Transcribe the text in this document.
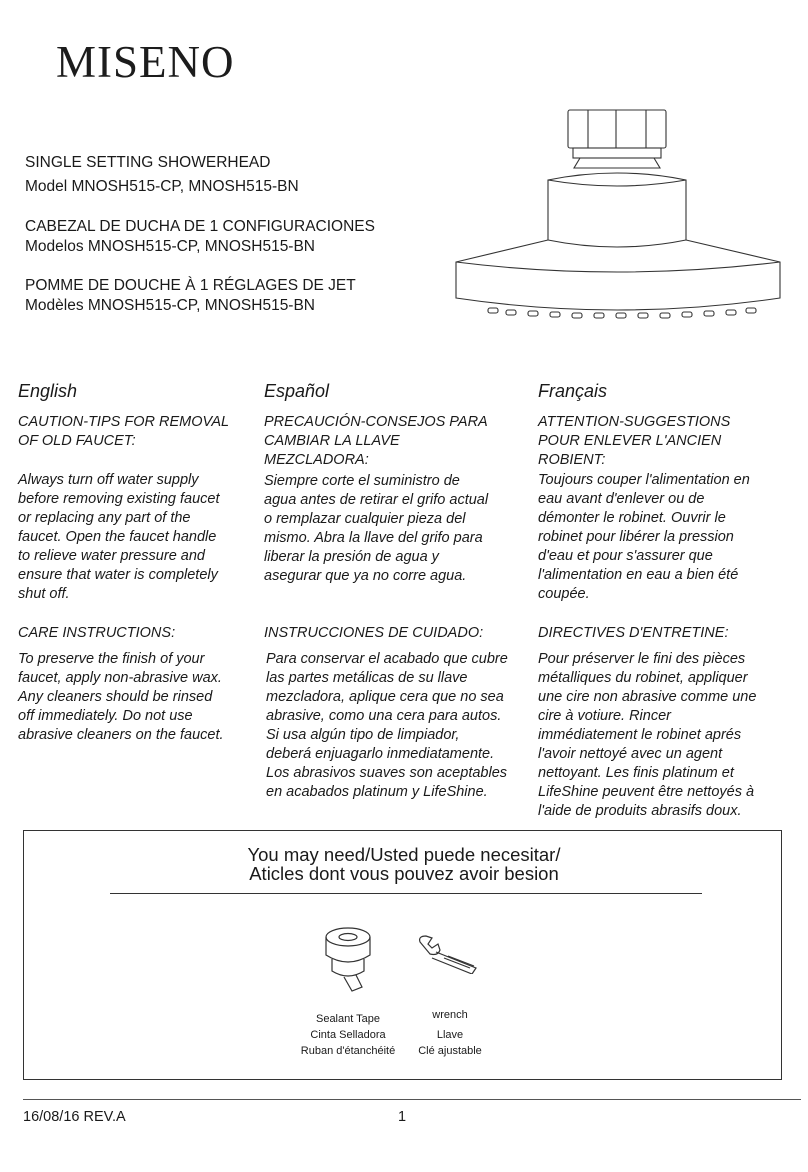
MISENO
SINGLE SETTING SHOWERHEAD
Model MNOSH515-CP, MNOSH515-BN
CABEZAL DE DUCHA DE 1 CONFIGURACIONES
Modelos MNOSH515-CP, MNOSH515-BN
POMME DE DOUCHE À 1 RÉGLAGES DE JET
Modèles MNOSH515-CP, MNOSH515-BN
English	Español	Français

CAUTION-TIPS FOR REMOVAL

OF OLD FAUCET:

Always turn off water supply

before removing existing faucet

or replacing any part of the

faucet. Open the faucet handle

to relieve water pressure and

ensure that water is completely

shut off.

CARE INSTRUCTIONS:

To preserve the finish of your

faucet, apply non-abrasive wax.

Any cleaners should be rinsed

off immediately. Do not use

abrasive cleaners on the faucet.

PRECAUCIÓN-CONSEJOS PARA

CAMBIAR LA LLAVE

MEZCLADORA:

Siempre corte el suministro de

agua antes de retirar el grifo actual

o remplazar cualquier pieza del

mismo. Abra la llave del grifo para

liberar la presión de agua y

asegurar que ya no corre agua.

INSTRUCCIONES DE CUIDADO:

Para conservar el acabado que cubre

las partes metálicas de su llave

mezcladora, aplique cera que no sea

abrasive, como una cera para autos.

Si usa algún tipo de limpiador,

deberá enjuagarlo inmediatamente.

Los abrasivos suaves son aceptables

en acabados platinum y LifeShine.

ATTENTION-SUGGESTIONS

POUR ENLEVER L'ANCIEN

ROBIENT:

Toujours couper l'alimentation en

eau avant d'enlever ou de

démonter le robinet. Ouvrir le

robinet pour libérer la pression

d'eau et pour s'assurer que

l'alimentation en eau a bien été

coupée.

DIRECTIVES D'ENTRETINE:

Pour préserver le fini des pièces

métalliques du robinet, appliquer

une cire non abrasive comme une

cire à votiure. Rincer

immédiatement le robinet aprés

l'avoir nettoyé avec un agent

nettoyant. Les finis platinum et

LifeShine peuvent être nettoyés à

l'aide de produits abrasifs doux.

You may need/Usted puede necesitar/
Aticles dont vous pouvez avoir besion
Sealant Tape
Cinta Selladora
Ruban d'étanchéité
wrench
Llave
Clé ajustable
16/08/16 REV.A	1
